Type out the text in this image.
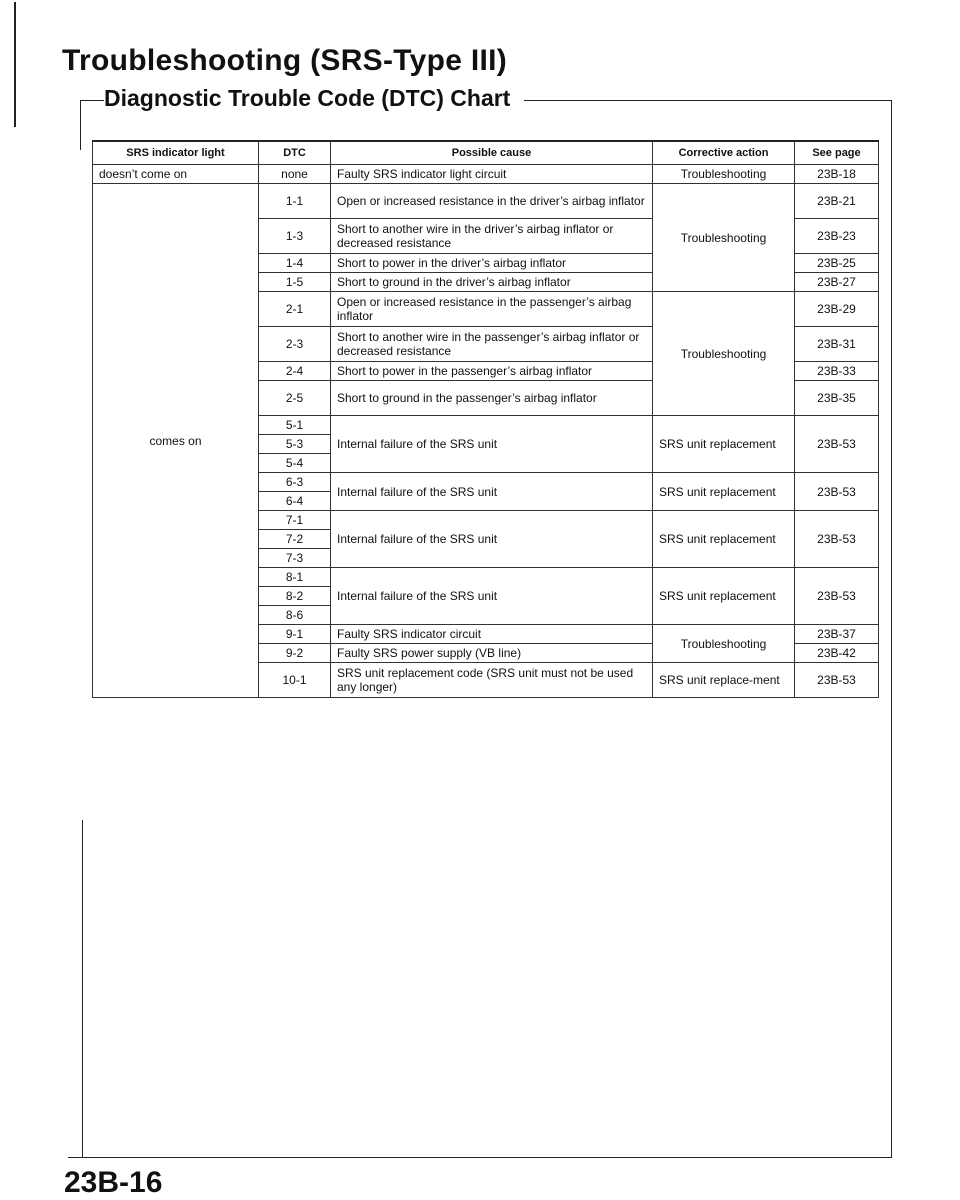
Troubleshooting (SRS-Type III)
Diagnostic Trouble Code (DTC) Chart
SRS indicator light	DTC	Possible cause	Corrective action	See page
doesn’t come on	none	Faulty SRS indicator light circuit	Troubleshooting	23B-18
comes on	1-1	Open or increased resistance in the driver’s airbag inflator	Troubleshooting	23B-21
	1-3	Short to another wire in the driver’s airbag inflator or decreased resistance		23B-23
	1-4	Short to power in the driver’s airbag inflator		23B-25
	1-5	Short to ground in the driver’s airbag inflator		23B-27
	2-1	Open or increased resistance in the passenger’s airbag inflator	Troubleshooting	23B-29
	2-3	Short to another wire in the passenger’s airbag inflator or decreased resistance		23B-31
	2-4	Short to power in the passenger’s airbag inflator		23B-33
	2-5	Short to ground in the passenger’s airbag inflator		23B-35
	5-1	Internal failure of the SRS unit	SRS unit replacement	23B-53
	5-3			
	5-4			
	6-3	Internal failure of the SRS unit	SRS unit replacement	23B-53
	6-4			
	7-1	Internal failure of the SRS unit	SRS unit replacement	23B-53
	7-2			
	7-3			
	8-1	Internal failure of the SRS unit	SRS unit replacement	23B-53
	8-2			
	8-6			
	9-1	Faulty SRS indicator circuit	Troubleshooting	23B-37
	9-2	Faulty SRS power supply (VB line)		23B-42
	10-1	SRS unit replacement code (SRS unit must not be used any longer)	SRS unit replace-ment	23B-53
23B-16
